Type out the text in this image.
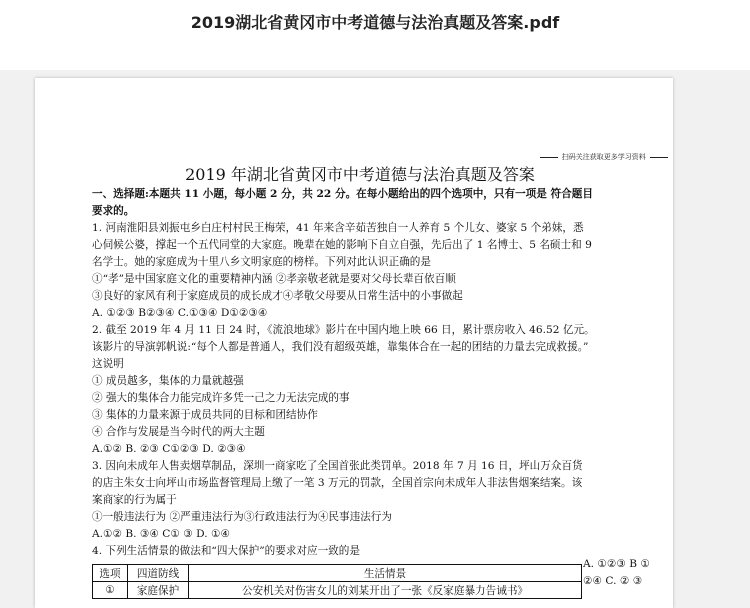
2019湖北省黄冈市中考道德与法治真题及答案.pdf
扫码关注获取更多学习资料
2019 年湖北省黄冈市中考道德与法治真题及答案
一、选择题:本题共 11 小题，每小题 2 分，共 22 分。在每小题给出的四个选项中，只有一项是 符合题目
要求的。
1. 河南淮阳县刘振屯乡白庄村村民王梅荣，41 年来含辛茹苦独自一人养育 5 个儿女、婆家 5 个弟妹，悉
心伺候公婆，撑起一个五代同堂的大家庭。晚辈在她的影响下自立自强，先后出了 1 名博士、5 名硕士和 9
名学士。她的家庭成为十里八乡文明家庭的榜样。下列对此认识正确的是
①“孝”是中国家庭文化的重要精神内涵 ②孝亲敬老就是要对父母长辈百依百顺
③良好的家风有利于家庭成员的成长成才④孝敬父母要从日常生活中的小事做起
A. ①②③ B②③④ C.①③④ D①②③④
2. 截至 2019 年 4 月 11 日 24 时，《流浪地球》影片在中国内地上映 66 日，累计票房收入 46.52 亿元。
该影片的导演郭帆说:“每个人都是普通人，我们没有超级英雄，靠集体合在一起的团结的力量去完成救援。”
这说明
① 成员越多，集体的力量就越强
② 强大的集体合力能完成许多凭一己之力无法完成的事
③ 集体的力量来源于成员共同的目标和团结协作
④ 合作与发展是当今时代的两大主题
A.①② B. ②③ C①②③ D. ②③④
3. 因向未成年人售卖烟草制品，深圳一商家吃了全国首张此类罚单。2018 年 7 月 16 日，坪山万众百货
的店主朱女士向坪山市场监督管理局上缴了一笔 3 万元的罚款，全国首宗向未成年人非法售烟案结案。该
案商家的行为属于
①一般违法行为 ②严重违法行为③行政违法行为④民事违法行为
A.①② B. ③④ C① ③ D. ①④
4. 下列生活情景的做法和“四大保护”的要求对应一致的是
选项	四道防线	生活情景
①	家庭保护	公安机关对伤害女儿的刘某开出了一张《反家庭暴力告诫书》
A. ①②③ B ①
②④ C. ② ③
